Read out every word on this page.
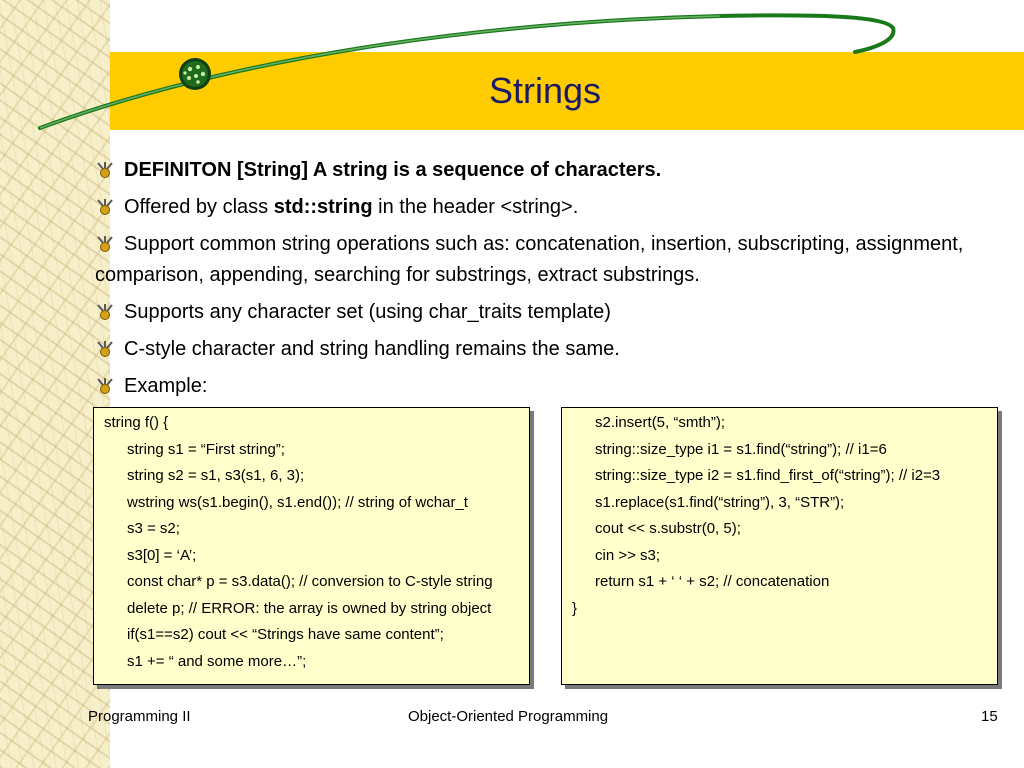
Strings
DEFINITON [String] A string is a sequence of characters.
Offered by class std::string in the header <string>.
Support common string operations such as: concatenation, insertion, subscripting, assignment, comparison, appending, searching for substrings, extract substrings.
Supports any character set (using char_traits template)
C-style character and string handling remains the same.
Example:
string f() {
string s1 = “First string”;
string s2 = s1, s3(s1, 6, 3);
wstring ws(s1.begin(), s1.end()); // string of wchar_t
s3 = s2;
s3[0] = ‘A’;
const char* p = s3.data(); // conversion to C-style string
delete p; // ERROR: the array is owned by string object
if(s1==s2) cout << “Strings have same content”;
s1 += “ and some more…”;
s2.insert(5, “smth”);
string::size_type i1 = s1.find(“string”); // i1=6
string::size_type i2 = s1.find_first_of(“string”); // i2=3
s1.replace(s1.find(“string”), 3, “STR”);
cout << s.substr(0, 5);
cin >> s3;
return s1 + ‘ ‘ + s2; // concatenation
}
Programming II	Object-Oriented Programming	15
